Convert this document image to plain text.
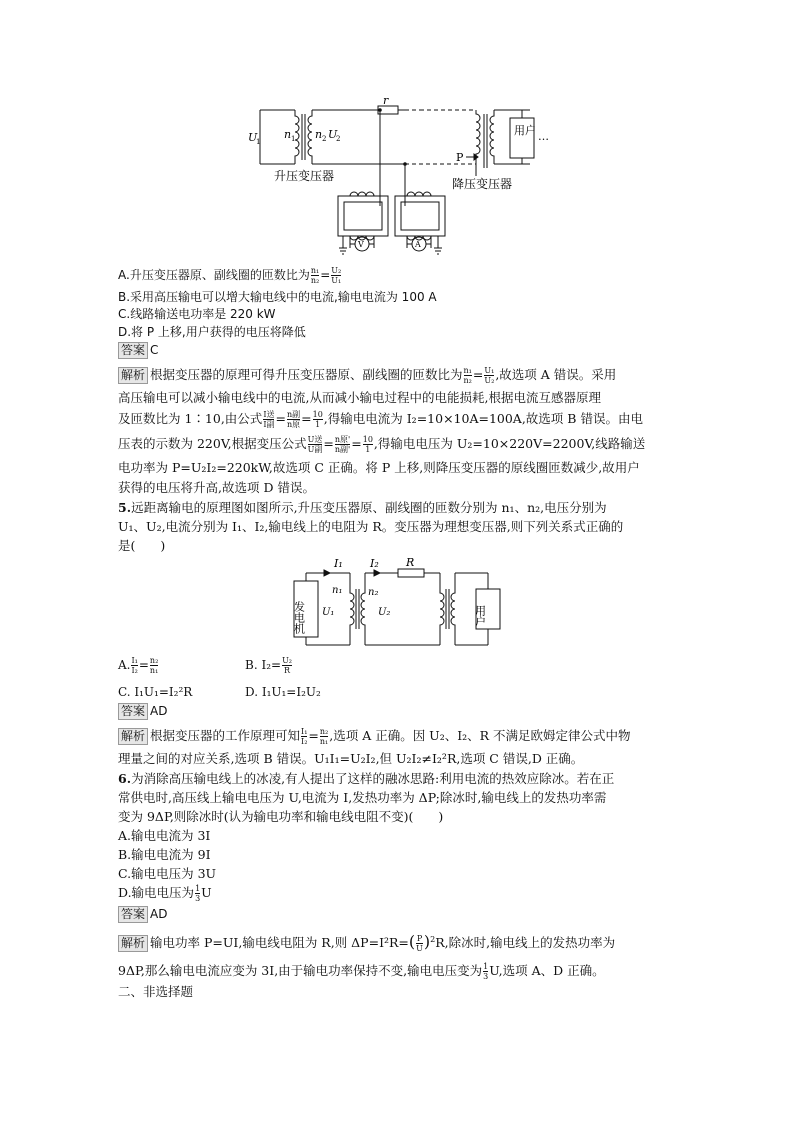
r
U
1
n 1 n 2 U
2
用户 …
P
升压变压器
降压变压器
V	A
A.升压变压器原、副线圈的匝数比为 $\frac{\text{n₁}}{\text{n₂}} = \frac{\text{U₂}}{\text{U₁}}$
B.采用高压输电可以增大输电线中的电流,输电电流为 100 A
C.线路输送电功率是 220 kW
D.将 P 上移,用户获得的电压将降低
答案 C
解析 根据变压器的原理可得升压变压器原、副线圈的匝数比为 $\frac{\text{n₁}}{\text{n₂}} = \frac{\text{U₁}}{\text{U₂}}$ ,故选项 A 错误。采用
高压输电可以减小输电线中的电流,从而减小输电过程中的电能损耗,根据电流互感器原理
及匝数比为 1∶10,由公式 $\frac{\text{I送}}{\text{I副}} = \frac{\text{n副}}{\text{n原}} = \frac{10}{1}$ ,得输电电流为 I₂=10×10A=100A,故选项 B 错误。由电
压表的示数为 220V,根据变压公式 $\frac{\text{U送}}{\text{U副}} = \frac{\text{n原'}}{\text{n副'}} = \frac{10}{1}$ ,得输电电压为 U₂=10×220V=2200V,线路输送
电功率为 P=U₂I₂=220kW,故选项 C 正确。将 P 上移,则降压变压器的原线圈匝数减少,故用户
获得的电压将升高,故选项 D 错误。
5.远距离输电的原理图如图所示,升压变压器原、副线圈的匝数分别为 n₁、n₂,电压分别为
U₁、U₂,电流分别为 I₁、I₂,输电线上的电阻为 R。变压器为理想变压器,则下列关系式正确的
是(　　)
I₁ I₂ R
发电机
n₁
U₁
n₂
U₂	用户
A. $\frac{\text{I₁}}{\text{I₂}} = \frac{\text{n₂}}{\text{n₁}}$	B. $I_2= \frac{\text{U₂}}{R}$
C. I₁U₁=I₂²R	D. I₁U₁=I₂U₂
答案 AD
解析 根据变压器的工作原理可知 $\frac{\text{I₁}}{\text{I₂}} = \frac{\text{n₂}}{\text{n₁}}$ ,选项 A 正确。因 U₂、I₂、R 不满足欧姆定律公式中物
理量之间的对应关系,选项 B 错误。U₁I₁=U₂I₂,但 U₂I₂≠I₂²R,选项 C 错误,D 正确。
6.为消除高压输电线上的冰凌,有人提出了这样的融冰思路:利用电流的热效应除冰。若在正
常供电时,高压线上输电电压为 U,电流为 I,发热功率为 ΔP;除冰时,输电线上的发热功率需
变为 9ΔP,则除冰时(认为输电功率和输电线电阻不变)(　　)
A.输电电流为 3I
B.输电电流为 9I
C.输电电压为 3U
D.输电电压为 $\frac{1}{3}$ U
答案 AD
解析 输电功率 P=UI,输电线电阻为 R,则 $\Delta P=I^2R=( \frac{P}{U} )^2R$,除冰时,输电线上的发热功率为
9ΔP,那么输电电流应变为 3I,由于输电功率保持不变,输电电压变为 $\frac{1}{3} U$,选项 A、D 正确。
二、非选择题
